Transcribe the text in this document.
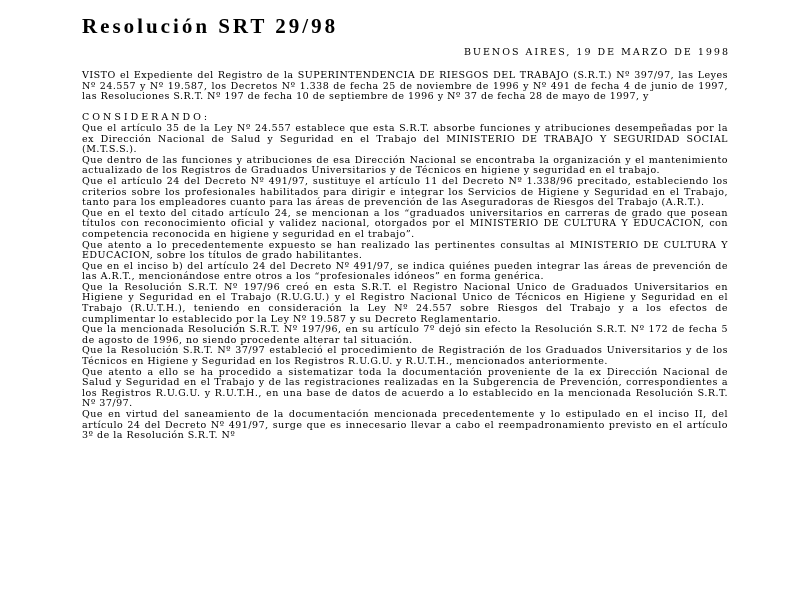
Resolución SRT 29/98

BUENOS AIRES, 19 DE MARZO DE 1998

VISTO el Expediente del Registro de la SUPERINTENDENCIA DE RIESGOS DEL TRABAJO (S.R.T.) Nº 397/97, las Leyes Nº 24.557 y Nº 19.587, los Decretos Nº 1.338 de fecha 25 de noviembre de 1996 y Nº 491 de fecha 4 de junio de 1997, las Resoluciones S.R.T. Nº 197 de fecha 10 de septiembre de 1996 y Nº 37 de fecha 28 de mayo de 1997, y

CONSIDERANDO:

Que el artículo 35 de la Ley Nº 24.557 establece que esta S.R.T. absorbe funciones y atribuciones desempeñadas por la ex Dirección Nacional de Salud y Seguridad en el Trabajo del MINISTERIO DE TRABAJO Y SEGURIDAD SOCIAL (M.T.S.S.).

Que dentro de las funciones y atribuciones de esa Dirección Nacional se encontraba la organización y el mantenimiento actualizado de los Registros de Graduados Universitarios y de Técnicos en higiene y seguridad en el trabajo.

Que el artículo 24 del Decreto Nº 491/97, sustituye el artículo 11 del Decreto Nº 1.338/96 precitado, estableciendo los criterios sobre los profesionales habilitados para dirigir e integrar los Servicios de Higiene y Seguridad en el Trabajo, tanto para los empleadores cuanto para las áreas de prevención de las Aseguradoras de Riesgos del Trabajo (A.R.T.).

Que en el texto del citado artículo 24, se mencionan a los “graduados universitarios en carreras de grado que posean títulos con reconocimiento oficial y validez nacional, otorgados por el MINISTERIO DE CULTURA Y EDUCACION, con competencia reconocida en higiene y seguridad en el trabajo”.

Que atento a lo precedentemente expuesto se han realizado las pertinentes consultas al MINISTERIO DE CULTURA Y EDUCACION, sobre los títulos de grado habilitantes.

Que en el inciso b) del artículo 24 del Decreto Nº 491/97, se indica quiénes pueden integrar las áreas de prevención de las A.R.T., mencionándose entre otros a los “profesionales idóneos” en forma genérica.

Que la Resolución S.R.T. Nº 197/96 creó en esta S.R.T. el Registro Nacional Unico de Graduados Universitarios en Higiene y Seguridad en el Trabajo (R.U.G.U.) y el Registro Nacional Unico de Técnicos en Higiene y Seguridad en el Trabajo (R.U.T.H.), teniendo en consideración la Ley Nº 24.557 sobre Riesgos del Trabajo y a los efectos de cumplimentar lo establecido por la Ley Nº 19.587 y su Decreto Reglamentario.

Que la mencionada Resolución S.R.T. Nº 197/96, en su artículo 7º dejó sin efecto la Resolución S.R.T. Nº 172 de fecha 5 de agosto de 1996, no siendo procedente alterar tal situación.

Que la Resolución S.R.T. Nº 37/97 estableció el procedimiento de Registración de los Graduados Universitarios y de los Técnicos en Higiene y Seguridad en los Registros R.U.G.U. y R.U.T.H., mencionados anteriormente.

Que atento a ello se ha procedido a sistematizar toda la documentación proveniente de la ex Dirección Nacional de Salud y Seguridad en el Trabajo y de las registraciones realizadas en la Subgerencia de Prevención, correspondientes a los Registros R.U.G.U. y R.U.T.H., en una base de datos de acuerdo a lo establecido en la mencionada Resolución S.R.T. Nº 37/97.

Que en virtud del saneamiento de la documentación mencionada precedentemente y lo estipulado en el inciso II, del artículo 24 del Decreto Nº 491/97, surge que es innecesario llevar a cabo el reempadronamiento previsto en el artículo 3º de la Resolución S.R.T. Nº
